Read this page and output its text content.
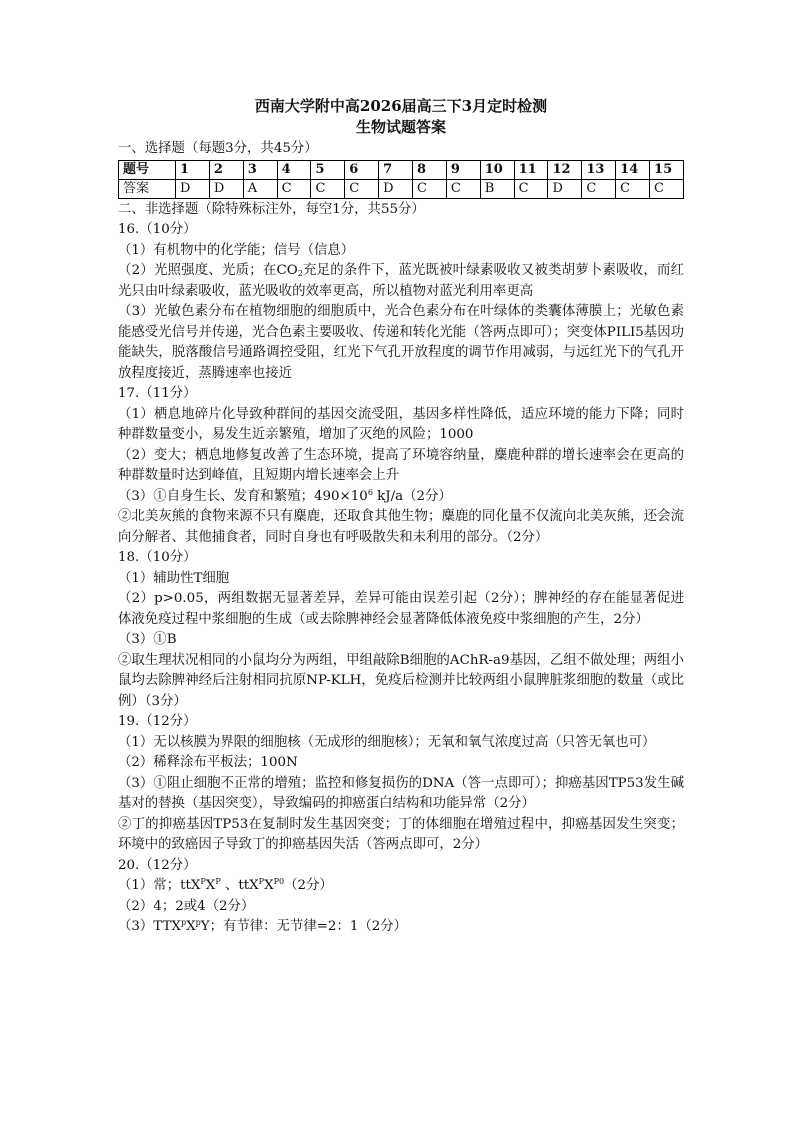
西南大学附中高2026届高三下3月定时检测

生物试题答案

一、选择题（每题3分，共45分）

题号	1	2	3	4	5	6	7	8	9	10	11	12	13	14	15
答案	D	D	A	C	C	C	D	C	C	B	C	D	C	C	C

二、非选择题（除特殊标注外，每空1分，共55分）

16.（10分）

（1）有机物中的化学能；信号（信息）

（2）光照强度、光质；在$CO_2$充足的条件下，蓝光既被叶绿素吸收又被类胡萝卜素吸收，而红光只由叶绿素吸收，蓝光吸收的效率更高，所以植物对蓝光利用率更高

（3）光敏色素分布在植物细胞的细胞质中，光合色素分布在叶绿体的类囊体薄膜上；光敏色素能感受光信号并传递，光合色素主要吸收、传递和转化光能（答两点即可）；突变体PILI5基因功能缺失，脱落酸信号通路调控受阻，红光下气孔开放程度的调节作用减弱，与远红光下的气孔开放程度接近，蒸腾速率也接近

17.（11分）

（1）栖息地碎片化导致种群间的基因交流受阻，基因多样性降低，适应环境的能力下降；同时种群数量变小，易发生近亲繁殖，增加了灭绝的风险；1000

（2）变大；栖息地修复改善了生态环境，提高了环境容纳量，麋鹿种群的增长速率会在更高的种群数量时达到峰值，且短期内增长速率会上升

（3）①自身生长、发育和繁殖；$490\times 10^6$ kJ/a（2分）

②北美灰熊的食物来源不只有麋鹿，还取食其他生物；麋鹿的同化量不仅流向北美灰熊，还会流向分解者、其他捕食者，同时自身也有呼吸散失和未利用的部分。（2分）

18.（10分）

（1）辅助性T细胞

（2）p>0.05，两组数据无显著差异，差异可能由误差引起（2分）；脾神经的存在能显著促进体液免疫过程中浆细胞的生成（或去除脾神经会显著降低体液免疫中浆细胞的产生，2分）

（3）①B

②取生理状况相同的小鼠均分为两组，甲组敲除B细胞的AChR-a9基因，乙组不做处理；两组小鼠均去除脾神经后注射相同抗原NP-KLH，免疫后检测并比较两组小鼠脾脏浆细胞的数量（或比例）（3分）

19.（12分）

（1）无以核膜为界限的细胞核（无成形的细胞核）；无氧和氧气浓度过高（只答无氧也可）

（2）稀释涂布平板法；100N

（3）①阻止细胞不正常的增殖；监控和修复损伤的DNA（答一点即可）；抑癌基因TP53发生碱基对的替换（基因突变），导致编码的抑癌蛋白结构和功能异常（2分）

②丁的抑癌基因TP53在复制时发生基因突变；丁的体细胞在增殖过程中，抑癌基因发生突变；环境中的致癌因子导致丁的抑癌基因失活（答两点即可，2分）

20.（12分）

（1）常；$ttX^PX^P$ 、$ttX^PX^{P0}(2$分）

（2）4；2或4（2分）

$(3)TTX^pX^pY$；有节律：无节律=2：1（2分）
